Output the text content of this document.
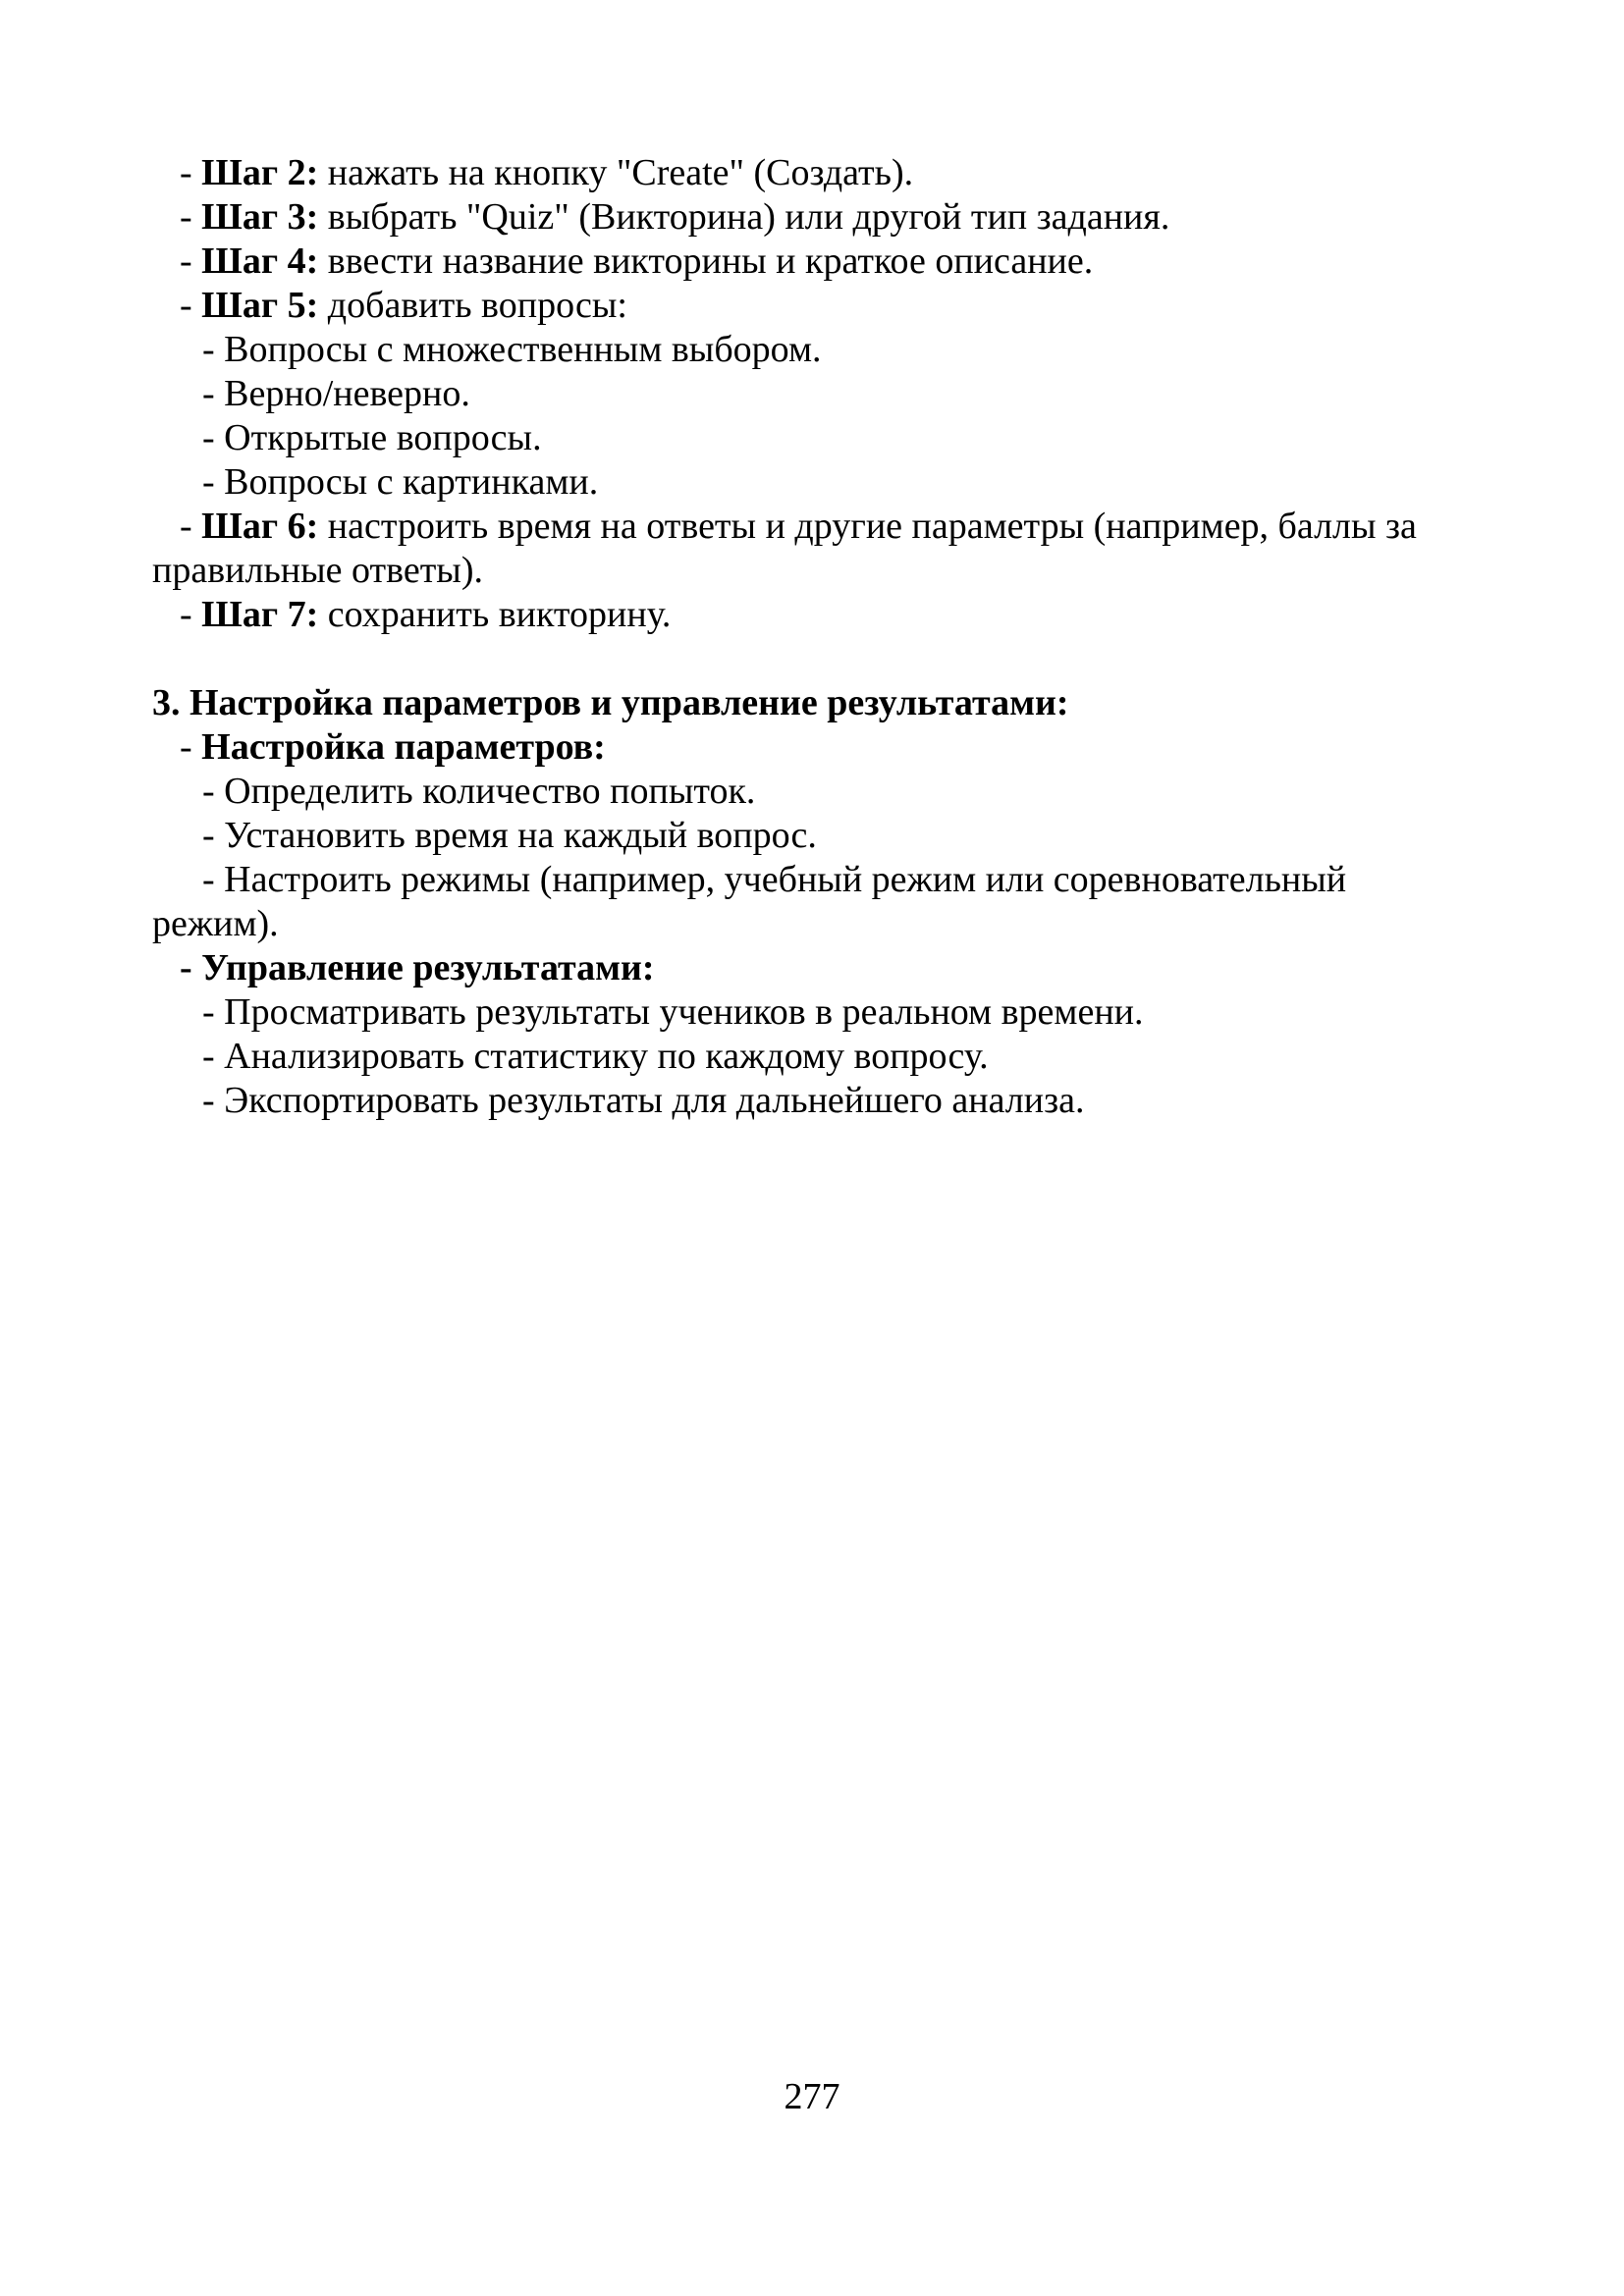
- Шаг 2: нажать на кнопку "Create" (Создать).
- Шаг 3: выбрать "Quiz" (Викторина) или другой тип задания.
- Шаг 4: ввести название викторины и краткое описание.
- Шаг 5: добавить вопросы:
- Вопросы с множественным выбором.
- Верно/неверно.
- Открытые вопросы.
- Вопросы с картинками.
- Шаг 6: настроить время на ответы и другие параметры (например, баллы за
правильные ответы).
- Шаг 7: сохранить викторину.
3. Настройка параметров и управление результатами:
- Настройка параметров:
- Определить количество попыток.
- Установить время на каждый вопрос.
- Настроить режимы (например, учебный режим или соревновательный
режим).
- Управление результатами:
- Просматривать результаты учеников в реальном времени.
- Анализировать статистику по каждому вопросу.
- Экспортировать результаты для дальнейшего анализа.
277
